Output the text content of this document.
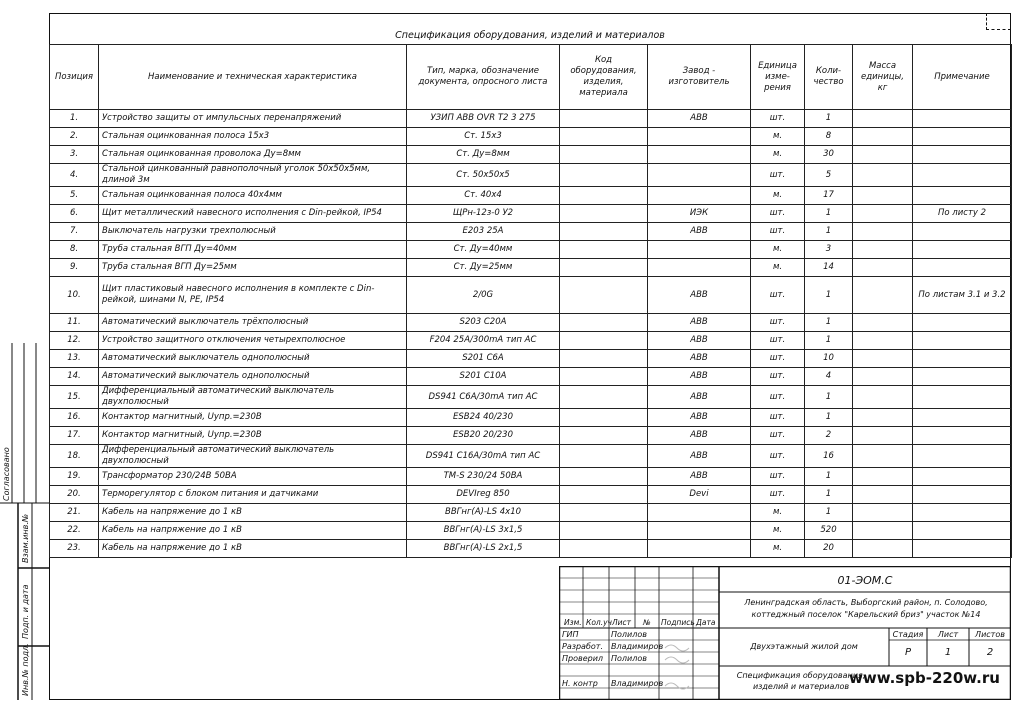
Спецификация оборудования, изделий и материалов
Позиция	Наименование и техническая характеристика	Тип, марка, обозначение документа, опросного листа	Код оборудования, изделия, материала	Завод - изготовитель	Единица изме-рения	Коли-чество	Масса единицы, кг	Примечание
1.	Устройство защиты от импульсных перенапряжений	УЗИП ABB OVR T2 3 275		ABB	шт.	1		
2.	Стальная оцинкованная полоса 15х3	Ст. 15х3			м.	8		
3.	Стальная оцинкованная проволока Ду=8мм	Ст. Ду=8мм			м.	30		
4.	Стальной цинкованный равнополочный уголок 50х50х5мм, длиной 3м	Ст. 50х50х5			шт.	5		
5.	Стальная оцинкованная полоса 40х4мм	Ст. 40х4			м.	17		
6.	Щит металлический навесного исполнения с Din-рейкой, IP54	ЩРн-12з-0 У2		ИЭК	шт.	1		По листу 2
7.	Выключатель нагрузки трехполюсный	E203 25A		ABB	шт.	1		
8.	Труба стальная ВГП Ду=40мм	Ст. Ду=40мм			м.	3		
9.	Труба стальная ВГП Ду=25мм	Ст. Ду=25мм			м.	14		
10.	Щит пластиковый навесного исполнения в комплекте с Din-рейкой, шинами N, PE, IP54	2/0G		ABB	шт.	1		По листам 3.1 и 3.2
11.	Автоматический выключатель трёхполюсный	S203 C20A		ABB	шт.	1		
12.	Устройство защитного отключения четырехполюсное	F204 25A/300mA тип AC		ABB	шт.	1		
13.	Автоматический выключатель однополюсный	S201 C6A		ABB	шт.	10		
14.	Автоматический выключатель однополюсный	S201 C10A		ABB	шт.	4		
15.	Дифференциальный автоматический выключатель двухполюсный	DS941 C6A/30mA тип AC		ABB	шт.	1		
16.	Контактор магнитный, Uупр.=230В	ESB24 40/230		ABB	шт.	1		
17.	Контактор магнитный, Uупр.=230В	ESB20 20/230		ABB	шт.	2		
18.	Дифференциальный автоматический выключатель двухполюсный	DS941 C16A/30mA тип AC		ABB	шт.	16		
19.	Трансформатор 230/24В 50ВА	TM-S 230/24 50BA		ABB	шт.	1		
20.	Терморегулятор с блоком питания и датчиками	DEVIreg 850		Devi	шт.	1		
21.	Кабель на напряжение до 1 кВ	ВВГнг(А)-LS 4х10			м.	1		
22.	Кабель на напряжение до 1 кВ	ВВГнг(А)-LS 3х1,5			м.	520		
23.	Кабель на напряжение до 1 кВ	ВВГнг(А)-LS 2х1,5			м.	20		
Согласовано
Взам.инв.№
Подп. и дата
Инв.№ подл.
Изм. Кол.уч Лист № Подпись Дата
ГИП	Полилов
Разработ. Владимиров
Проверил Полилов
Н. контр Владимиров
01-ЭОМ.С
Ленинградская область, Выборгский район, п. Солодово, коттеджный поселок "Карельский бриз" участок №14
Двухэтажный жилой дом
Стадия	Лист	Листов
Р	1	2
Спецификация оборудования, изделий и материалов www.spb-220w.ru
